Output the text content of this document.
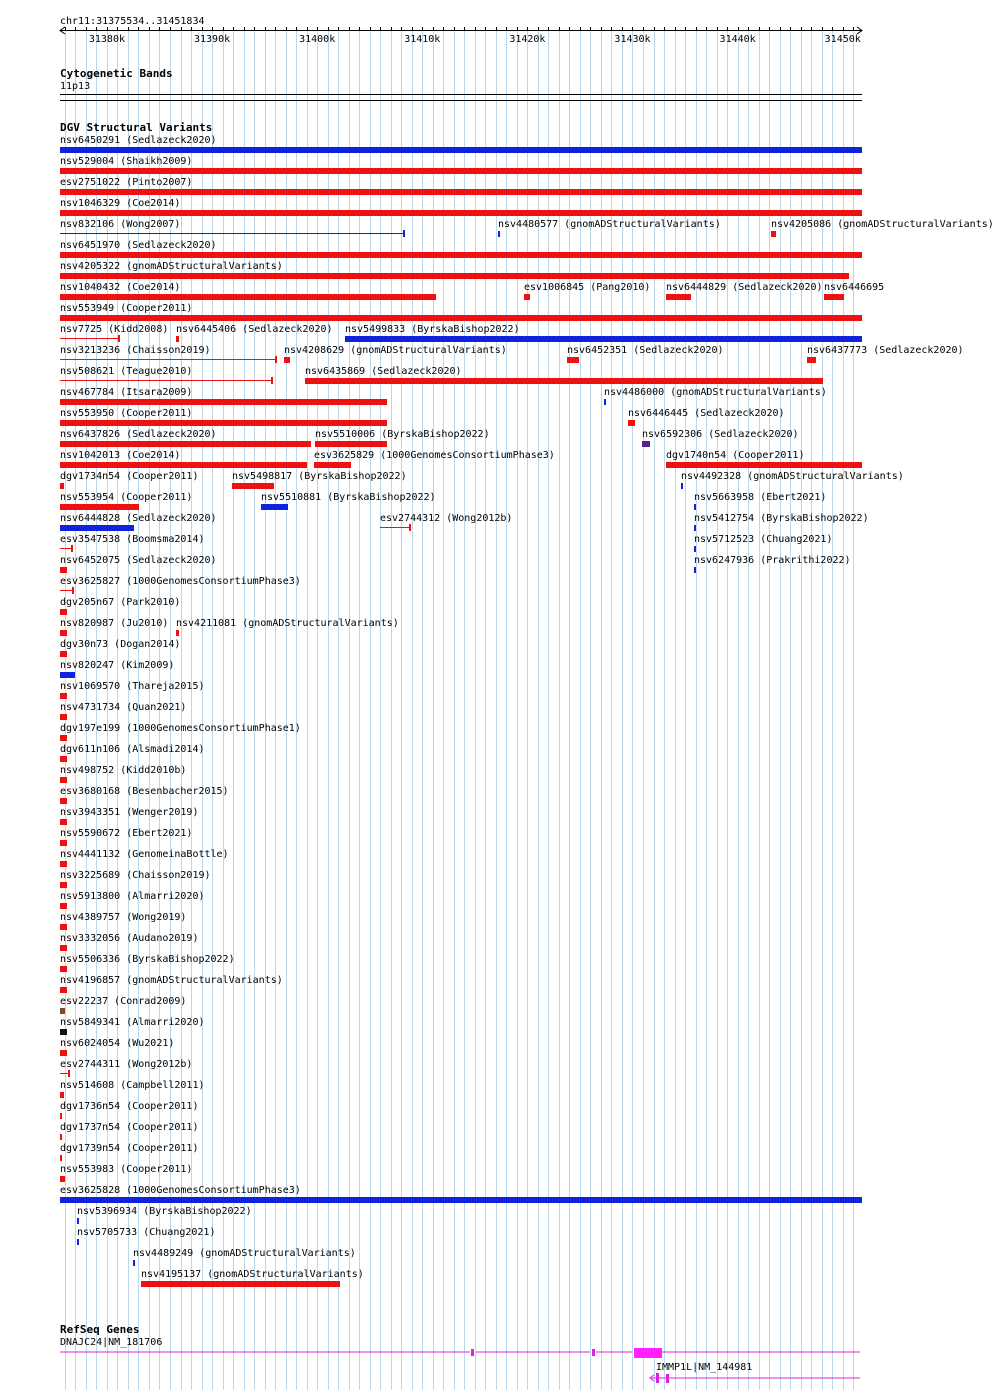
chr11:31375534..31451834
31380k	31390k	31400k	31410k	31420k	31430k	31440k	31450k
Cytogenetic Bands
11p13
DGV Structural Variants
nsv6450291 (Sedlazeck2020)
nsv529004 (Shaikh2009)
esv2751022 (Pinto2007)
nsv1046329 (Coe2014)
nsv832106 (Wong2007)	nsv4480577 (gnomADStructuralVariants)	nsv4205086 (gnomADStructuralVariants)
nsv6451970 (Sedlazeck2020)
nsv4205322 (gnomADStructuralVariants)
nsv1040432 (Coe2014)	esv1006845 (Pang2010) nsv6444829 (Sedlazeck2020) nsv6446695
nsv553949 (Cooper2011)
nsv7725 (Kidd2008) nsv6445406 (Sedlazeck2020) nsv5499833 (ByrskaBishop2022)
nsv3213236 (Chaisson2019)	nsv4208629 (gnomADStructuralVariants)	nsv6452351 (Sedlazeck2020)	nsv6437773 (Sedlazeck2020)
nsv508621 (Teague2010)	nsv6435869 (Sedlazeck2020)
nsv467784 (Itsara2009)	nsv4486000 (gnomADStructuralVariants)
nsv553950 (Cooper2011)	nsv6446445 (Sedlazeck2020)
nsv6437826 (Sedlazeck2020)	nsv5510006 (ByrskaBishop2022)	nsv6592306 (Sedlazeck2020)
nsv1042013 (Coe2014)	esv3625829 (1000GenomesConsortiumPhase3)	dgv1740n54 (Cooper2011)
dgv1734n54 (Cooper2011)	nsv5498817 (ByrskaBishop2022)	nsv4492328 (gnomADStructuralVariants)
nsv553954 (Cooper2011)	nsv5510881 (ByrskaBishop2022)	nsv5663958 (Ebert2021)
nsv6444828 (Sedlazeck2020)	esv2744312 (Wong2012b)	nsv5412754 (ByrskaBishop2022)
esv3547538 (Boomsma2014)	nsv5712523 (Chuang2021)
nsv6452075 (Sedlazeck2020)	nsv6247936 (Prakrithi2022)
esv3625827 (1000GenomesConsortiumPhase3)
dgv205n67 (Park2010)
nsv820987 (Ju2010) nsv4211081 (gnomADStructuralVariants)
dgv30n73 (Dogan2014)
nsv820247 (Kim2009)
nsv1069570 (Thareja2015)
nsv4731734 (Quan2021)
dgv197e199 (1000GenomesConsortiumPhase1)
dgv611n106 (Alsmadi2014)
nsv498752 (Kidd2010b)
esv3680168 (Besenbacher2015)
nsv3943351 (Wenger2019)
nsv5590672 (Ebert2021)
nsv4441132 (GenomeinaBottle)
nsv3225689 (Chaisson2019)
nsv5913800 (Almarri2020)
nsv4389757 (Wong2019)
nsv3332056 (Audano2019)
nsv5506336 (ByrskaBishop2022)
nsv4196857 (gnomADStructuralVariants)
esv22237 (Conrad2009)
nsv5849341 (Almarri2020)
nsv6024054 (Wu2021)
esv2744311 (Wong2012b)
nsv514608 (Campbell2011)
dgv1736n54 (Cooper2011)
dgv1737n54 (Cooper2011)
dgv1739n54 (Cooper2011)
nsv553983 (Cooper2011)
esv3625828 (1000GenomesConsortiumPhase3)
nsv5396934 (ByrskaBishop2022)
nsv5705733 (Chuang2021)
nsv4489249 (gnomADStructuralVariants)
nsv4195137 (gnomADStructuralVariants)
RefSeq Genes
DNAJC24|NM_181706
IMMP1L|NM_144981
